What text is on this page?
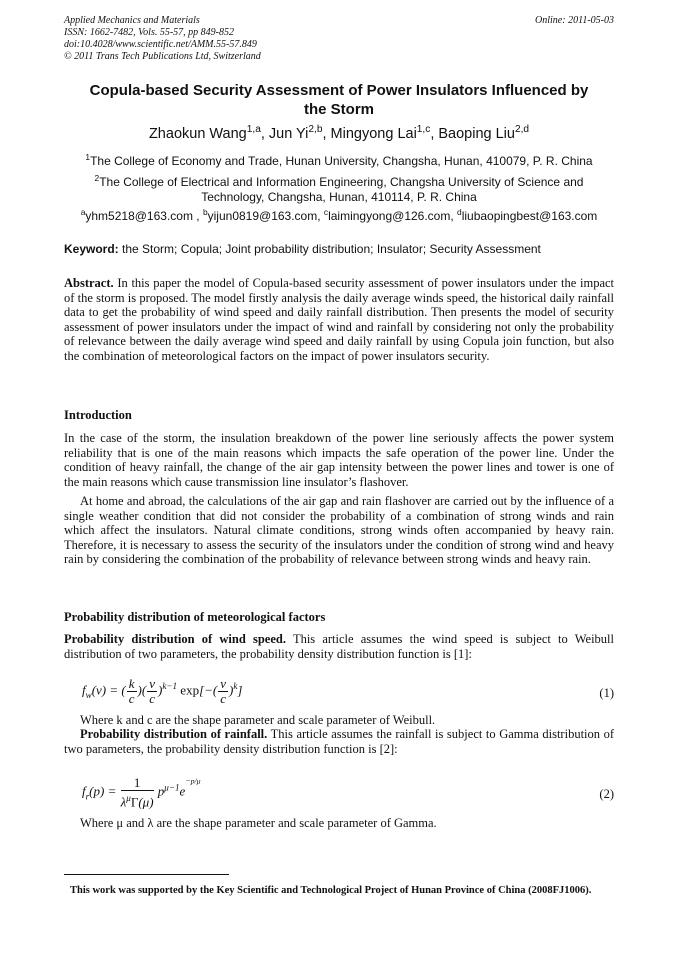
Applied Mechanics and Materials
ISSN: 1662-7482, Vols. 55-57, pp 849-852
doi:10.4028/www.scientific.net/AMM.55-57.849
© 2011 Trans Tech Publications Ltd, Switzerland
Online: 2011-05-03
Copula-based Security Assessment of Power Insulators Influenced by
the Storm
Zhaokun Wang$^{1,a}$, Jun Yi$^{2,b}$, Mingyong Lai$^{1,c}$, Baoping Liu$^{2,d}$
$^1$The College of Economy and Trade, Hunan University, Changsha, Hunan, 410079, P. R. China
$^2$The College of Electrical and Information Engineering, Changsha University of Science and
Technology, Changsha, Hunan, 410114, P. R. China
$^a$yhm5218@163.com , $^b$yijun0819@163.com, $^c$laimingyong@126.com, $^d$liubaopingbest@163.com
Keyword: the Storm; Copula; Joint probability distribution; Insulator; Security Assessment
Abstract. In this paper the model of Copula-based security assessment of power insulators under the impact of the storm is proposed. The model firstly analysis the daily average winds speed, the historical daily rainfall data to get the probability of wind speed and daily rainfall distribution. Then presents the model of security assessment of power insulators under the impact of wind and rainfall by considering not only the probability of relevance between the daily average wind speed and daily rainfall by using Copula join function, but also the combination of meteorological factors on the impact of power insulators security.
Introduction
In the case of the storm, the insulation breakdown of the power line seriously affects the power system reliability that is one of the main reasons which impacts the safe operation of the power line. Under the condition of heavy rainfall, the change of the air gap intensity between the power lines and tower is one of the main reasons which cause transmission line insulator’s flashover.
At home and abroad, the calculations of the air gap and rain flashover are carried out by the influence of a single weather condition that did not consider the probability of a combination of strong winds and rain which affect the insulators. Natural climate conditions, strong winds often accompanied by heavy rain. Therefore, it is necessary to assess the security of the insulators under the condition of strong wind and heavy rain by considering the combination of the probability of relevance between strong winds and heavy rain.
Probability distribution of meteorological factors
Probability distribution of wind speed. This article assumes the wind speed is subject to Weibull distribution of two parameters, the probability density distribution function is [1]:
$f_w(v)$ = ( $\frac{k}{c}$ )( $\frac{v}{c} )^{k-1}$ $\exp[-( \frac{v}{c} )^k]$	(1)
Where k and c are the shape parameter and scale parameter of Weibull.
Probability distribution of rainfall. This article assumes the rainfall is subject to Gamma distribution of two parameters, the probability density distribution function is [2]:
$f_r(p) = \frac{1}{\lambda^\mu\Gamma(\mu)} p^{\mu-1}e^{-p/\mu}$
(2)
Where μ and λ are the shape parameter and scale parameter of Gamma.
This work was supported by the Key Scientific and Technological Project of Hunan Province of China (2008FJ1006).
